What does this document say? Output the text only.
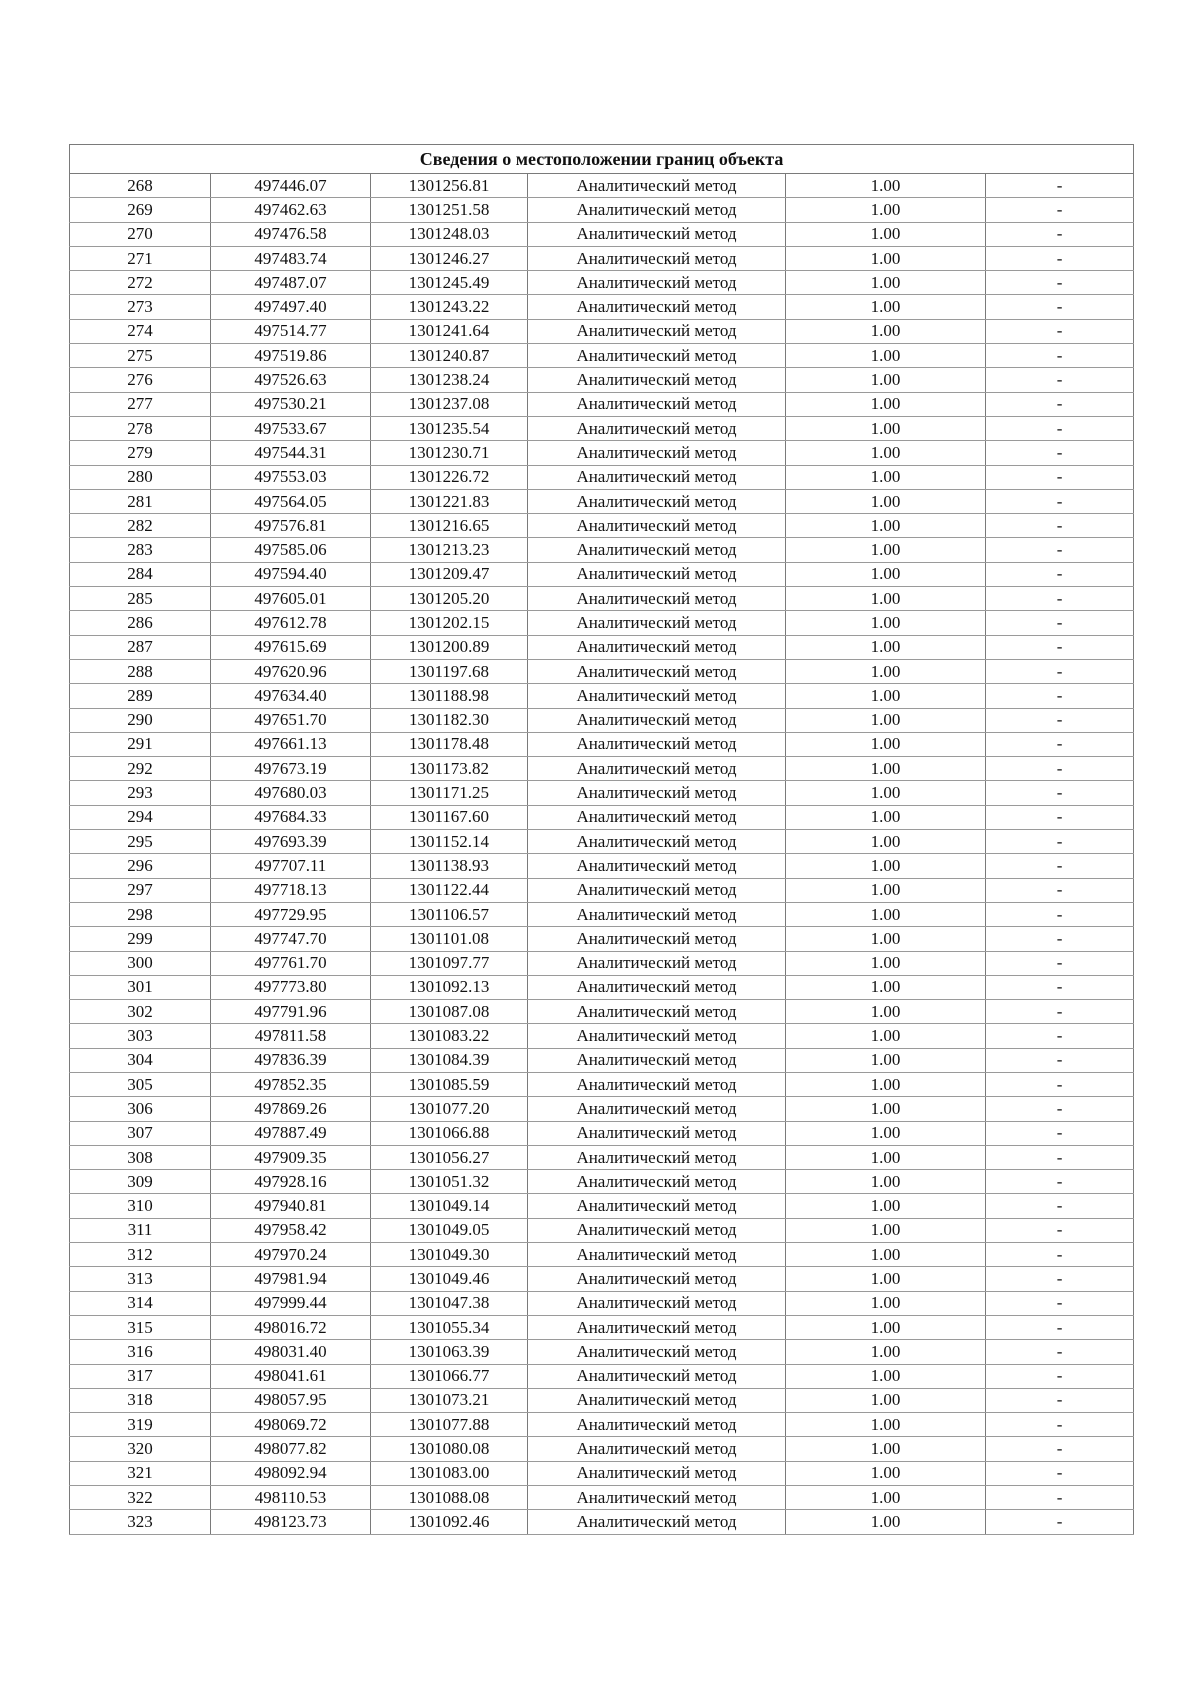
Сведения о местоположении границ объекта					
268	497446.07	1301256.81	Аналитический метод	1.00	-
269	497462.63	1301251.58	Аналитический метод	1.00	-
270	497476.58	1301248.03	Аналитический метод	1.00	-
271	497483.74	1301246.27	Аналитический метод	1.00	-
272	497487.07	1301245.49	Аналитический метод	1.00	-
273	497497.40	1301243.22	Аналитический метод	1.00	-
274	497514.77	1301241.64	Аналитический метод	1.00	-
275	497519.86	1301240.87	Аналитический метод	1.00	-
276	497526.63	1301238.24	Аналитический метод	1.00	-
277	497530.21	1301237.08	Аналитический метод	1.00	-
278	497533.67	1301235.54	Аналитический метод	1.00	-
279	497544.31	1301230.71	Аналитический метод	1.00	-
280	497553.03	1301226.72	Аналитический метод	1.00	-
281	497564.05	1301221.83	Аналитический метод	1.00	-
282	497576.81	1301216.65	Аналитический метод	1.00	-
283	497585.06	1301213.23	Аналитический метод	1.00	-
284	497594.40	1301209.47	Аналитический метод	1.00	-
285	497605.01	1301205.20	Аналитический метод	1.00	-
286	497612.78	1301202.15	Аналитический метод	1.00	-
287	497615.69	1301200.89	Аналитический метод	1.00	-
288	497620.96	1301197.68	Аналитический метод	1.00	-
289	497634.40	1301188.98	Аналитический метод	1.00	-
290	497651.70	1301182.30	Аналитический метод	1.00	-
291	497661.13	1301178.48	Аналитический метод	1.00	-
292	497673.19	1301173.82	Аналитический метод	1.00	-
293	497680.03	1301171.25	Аналитический метод	1.00	-
294	497684.33	1301167.60	Аналитический метод	1.00	-
295	497693.39	1301152.14	Аналитический метод	1.00	-
296	497707.11	1301138.93	Аналитический метод	1.00	-
297	497718.13	1301122.44	Аналитический метод	1.00	-
298	497729.95	1301106.57	Аналитический метод	1.00	-
299	497747.70	1301101.08	Аналитический метод	1.00	-
300	497761.70	1301097.77	Аналитический метод	1.00	-
301	497773.80	1301092.13	Аналитический метод	1.00	-
302	497791.96	1301087.08	Аналитический метод	1.00	-
303	497811.58	1301083.22	Аналитический метод	1.00	-
304	497836.39	1301084.39	Аналитический метод	1.00	-
305	497852.35	1301085.59	Аналитический метод	1.00	-
306	497869.26	1301077.20	Аналитический метод	1.00	-
307	497887.49	1301066.88	Аналитический метод	1.00	-
308	497909.35	1301056.27	Аналитический метод	1.00	-
309	497928.16	1301051.32	Аналитический метод	1.00	-
310	497940.81	1301049.14	Аналитический метод	1.00	-
311	497958.42	1301049.05	Аналитический метод	1.00	-
312	497970.24	1301049.30	Аналитический метод	1.00	-
313	497981.94	1301049.46	Аналитический метод	1.00	-
314	497999.44	1301047.38	Аналитический метод	1.00	-
315	498016.72	1301055.34	Аналитический метод	1.00	-
316	498031.40	1301063.39	Аналитический метод	1.00	-
317	498041.61	1301066.77	Аналитический метод	1.00	-
318	498057.95	1301073.21	Аналитический метод	1.00	-
319	498069.72	1301077.88	Аналитический метод	1.00	-
320	498077.82	1301080.08	Аналитический метод	1.00	-
321	498092.94	1301083.00	Аналитический метод	1.00	-
322	498110.53	1301088.08	Аналитический метод	1.00	-
323	498123.73	1301092.46	Аналитический метод	1.00	-
